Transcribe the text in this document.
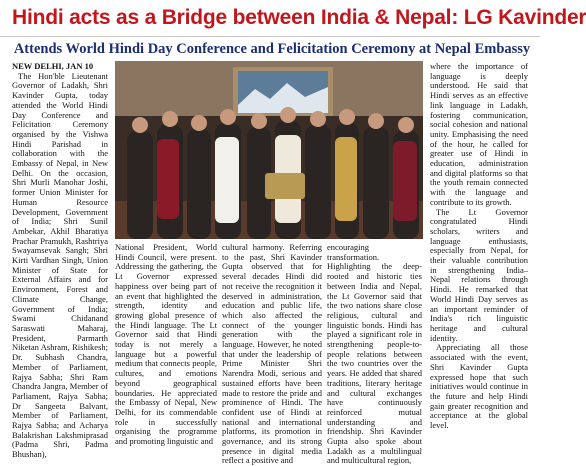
Hindi acts as a Bridge between India & Nepal: LG Kavinder
Attends World Hindi Day Conference and Felicitation Ceremony at Nepal Embassy

NEW DELHI, JAN 10

The Hon'ble Lieutenant Governor of Ladakh, Shri Kavinder Gupta, today attended the World Hindi Day Conference and Felicitation Ceremony organised by the Vishwa Hindi Parishad in collaboration with the Embassy of Nepal, in New Delhi. On the occasion, Shri Murli Manohar Joshi, former Union Minister for Human Resource Development, Government of India; Shri Sunil Ambekar, Akhil Bharatiya Prachar Pramukh, Rashtriya Swayamsevak Sangh; Shri Kirti Vardhan Singh, Union Minister of State for External Affairs and for Environment, Forest and Climate Change, Government of India; Swami Chidanand Saraswati Maharaj, President, Parmarth Niketan Ashram, Rishikesh; Dr. Subhash Chandra, Member of Parliament, Rajya Sabha; Shri Ram Chandra Jangra, Member of Parliament, Rajya Sabha; Dr Sangeeta Balvant, Member of Parliament, Rajya Sabha; and Acharya Balakrishan Lakshmiprasad (Padma Shri, Padma Bhushan),

National President, World Hindi Council, were present. Addressing the gathering, the Lt Governor expressed happiness over being part of an event that highlighted the strength, identity and growing global presence of the Hindi language. The Lt Governor said that Hindi today is not merely a language but a powerful medium that connects people, cultures, and emotions beyond geographical boundaries. He appreciated the Embassy of Nepal, New Delhi, for its commendable role in successfully organising the programme and promoting linguistic and

cultural harmony. Referring to the past, Shri Kavinder Gupta observed that for several decades Hindi did not receive the recognition it deserved in administration, education and public life, which also affected the connect of the younger generation with the language. However, he noted that under the leadership of Prime Minister Shri Narendra Modi, serious and sustained efforts have been made to restore the pride and prominence of Hindi. The confident use of Hindi at national and international platforms, its promotion in governance, and its strong presence in digital media reflect a positive and

encouraging transformation. Highlighting the deep-rooted and historic ties between India and Nepal, the Lt Governor said that the two nations share close religious, cultural and linguistic bonds. Hindi has played a significant role in strengthening people-to-people relations between the two countries over the years. He added that shared traditions, literary heritage and cultural exchanges have continuously reinforced mutual understanding and friendship. Shri Kavinder Gupta also spoke about Ladakh as a multilingual and multicultural region,

where the importance of language is deeply understood. He said that Hindi serves as an effective link language in Ladakh, fostering communication, social cohesion and national unity. Emphasising the need of the hour, he called for greater use of Hindi in education, administration and digital platforms so that the youth remain connected with the language and contribute to its growth.

The Lt Governor congratulated Hindi scholars, writers and language enthusiasts, especially from Nepal, for their valuable contribution in strengthening India–Nepal relations through Hindi. He remarked that World Hindi Day serves as an important reminder of India's rich linguistic heritage and cultural identity.

Appreciating all those associated with the event, Shri Kavinder Gupta expressed hope that such initiatives would continue in the future and help Hindi gain greater recognition and acceptance at the global level.
